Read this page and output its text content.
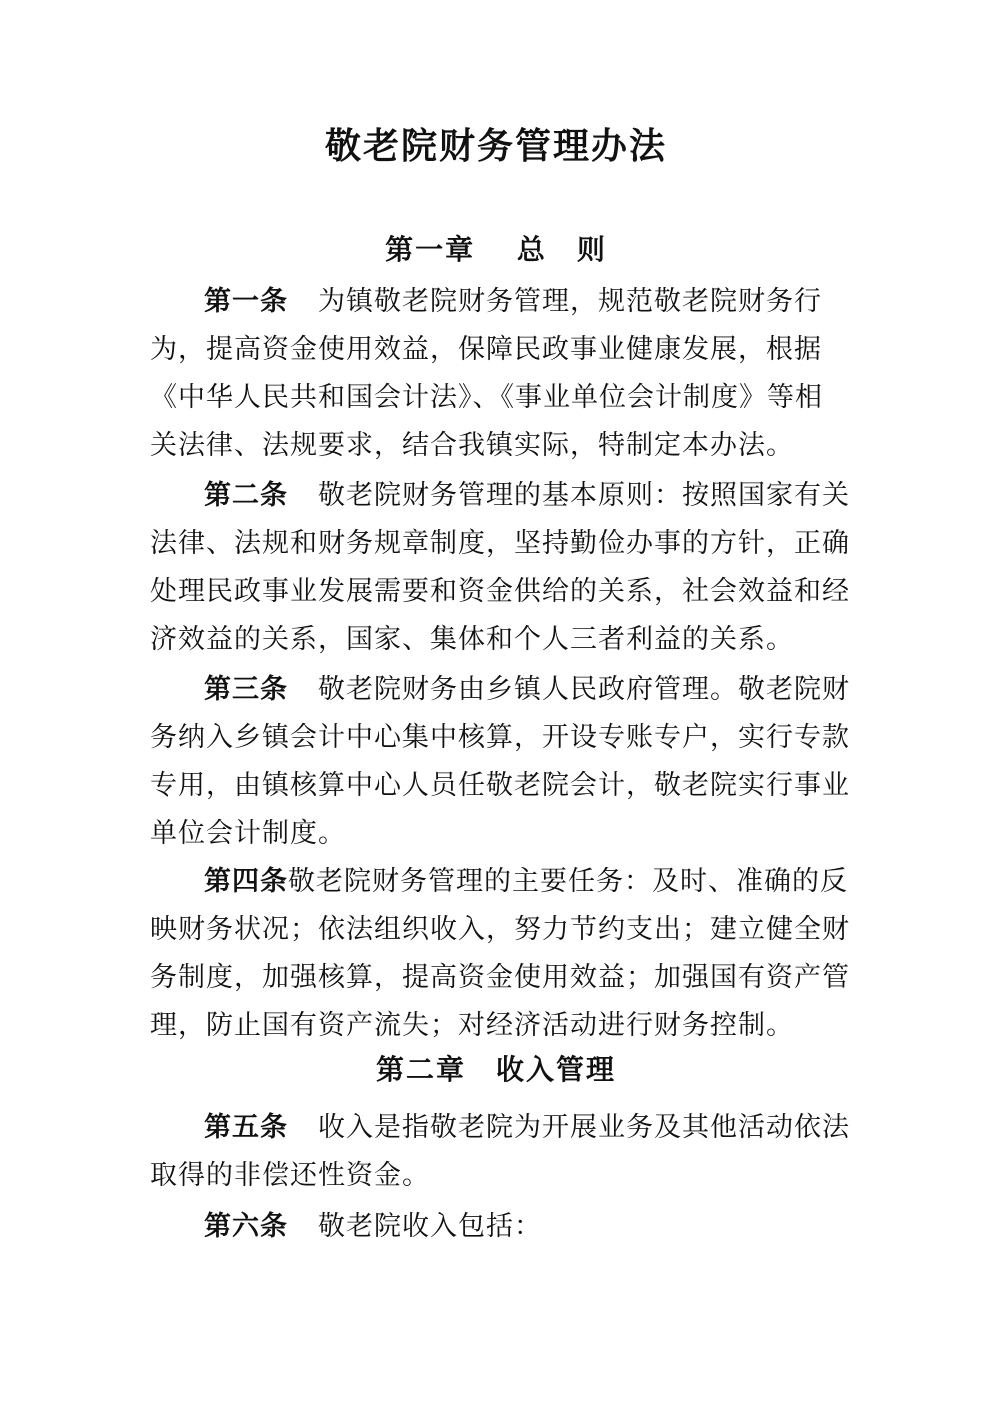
敬老院财务管理办法
第一章　 总　则

第一条 为镇敬老院财务管理，规范敬老院财务行为，提高资金使用效益，保障民政事业健康发展，根据《中华人民共和国会计法》、《事业单位会计制度》等相关法律、法规要求，结合我镇实际，特制定本办法。

第二条 敬老院财务管理的基本原则：按照国家有关法律、法规和财务规章制度，坚持勤俭办事的方针，正确处理民政事业发展需要和资金供给的关系，社会效益和经济效益的关系，国家、集体和个人三者利益的关系。

第三条 敬老院财务由乡镇人民政府管理。敬老院财务纳入乡镇会计中心集中核算，开设专账专户，实行专款专用，由镇核算中心人员任敬老院会计，敬老院实行事业单位会计制度。

第四条敬老院财务管理的主要任务：及时、准确的反映财务状况；依法组织收入，努力节约支出；建立健全财务制度，加强核算，提高资金使用效益；加强国有资产管理，防止国有资产流失；对经济活动进行财务控制。

第二章　收入管理

第五条 收入是指敬老院为开展业务及其他活动依法取得的非偿还性资金。

第六条 敬老院收入包括：
